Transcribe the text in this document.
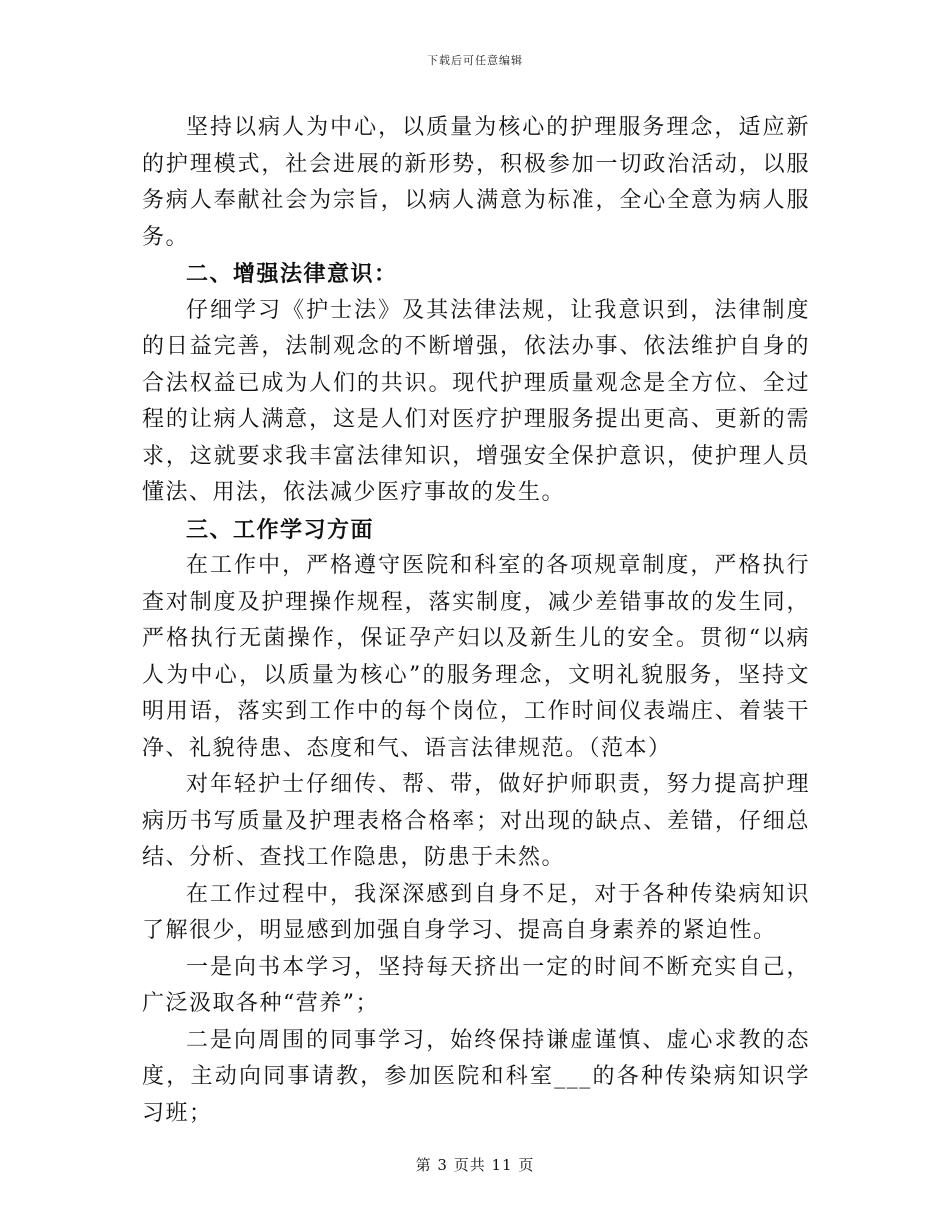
下载后可任意编辑

坚持以病人为中心，以质量为核心的护理服务理念，适应新的护理模式，社会进展的新形势，积极参加一切政治活动，以服务病人奉献社会为宗旨，以病人满意为标准，全心全意为病人服务。

二、增强法律意识：

仔细学习《护士法》及其法律法规，让我意识到，法律制度的日益完善，法制观念的不断增强，依法办事、依法维护自身的合法权益已成为人们的共识。现代护理质量观念是全方位、全过程的让病人满意，这是人们对医疗护理服务提出更高、更新的需求，这就要求我丰富法律知识，增强安全保护意识，使护理人员懂法、用法，依法减少医疗事故的发生。

三、工作学习方面

在工作中，严格遵守医院和科室的各项规章制度，严格执行查对制度及护理操作规程，落实制度，减少差错事故的发生同，严格执行无菌操作，保证孕产妇以及新生儿的安全。贯彻“以病人为中心，以质量为核心”的服务理念，文明礼貌服务，坚持文明用语，落实到工作中的每个岗位，工作时间仪表端庄、着装干净、礼貌待患、态度和气、语言法律规范。（范本）

对年轻护士仔细传、帮、带，做好护师职责，努力提高护理病历书写质量及护理表格合格率；对出现的缺点、差错，仔细总结、分析、查找工作隐患，防患于未然。

在工作过程中，我深深感到自身不足，对于各种传染病知识了解很少，明显感到加强自身学习、提高自身素养的紧迫性。

一是向书本学习，坚持每天挤出一定的时间不断充实自己，广泛汲取各种“营养”；

二是向周围的同事学习，始终保持谦虚谨慎、虚心求教的态度，主动向同事请教，参加医院和科室___的各种传染病知识学习班；

第 3 页共 11 页
